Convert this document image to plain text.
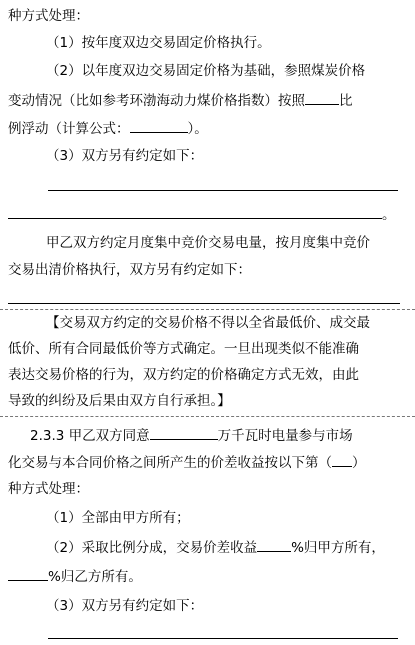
种方式处理：
（1）按年度双边交易固定价格执行。
（2）以年度双边交易固定价格为基础，参照煤炭价格
变动情况（比如参考环渤海动力煤价格指数）按照	比
例浮动（计算公式：	）。
（3）双方另有约定如下：
。
甲乙双方约定月度集中竞价交易电量，按月度集中竞价
交易出清价格执行，双方另有约定如下：
【交易双方约定的交易价格不得以全省最低价、成交最
低价、所有合同最低价等方式确定。一旦出现类似不能准确
表达交易价格的行为，双方约定的价格确定方式无效，由此
导致的纠纷及后果由双方自行承担。】
2.3.3 甲乙双方同意	万千瓦时电量参与市场
化交易与本合同价格之间所产生的价差收益按以下第（ ）
种方式处理：
（1）全部由甲方所有；
（2）采取比例分成，交易价差收益	%归甲方所有，
%归乙方所有。
（3）双方另有约定如下：
